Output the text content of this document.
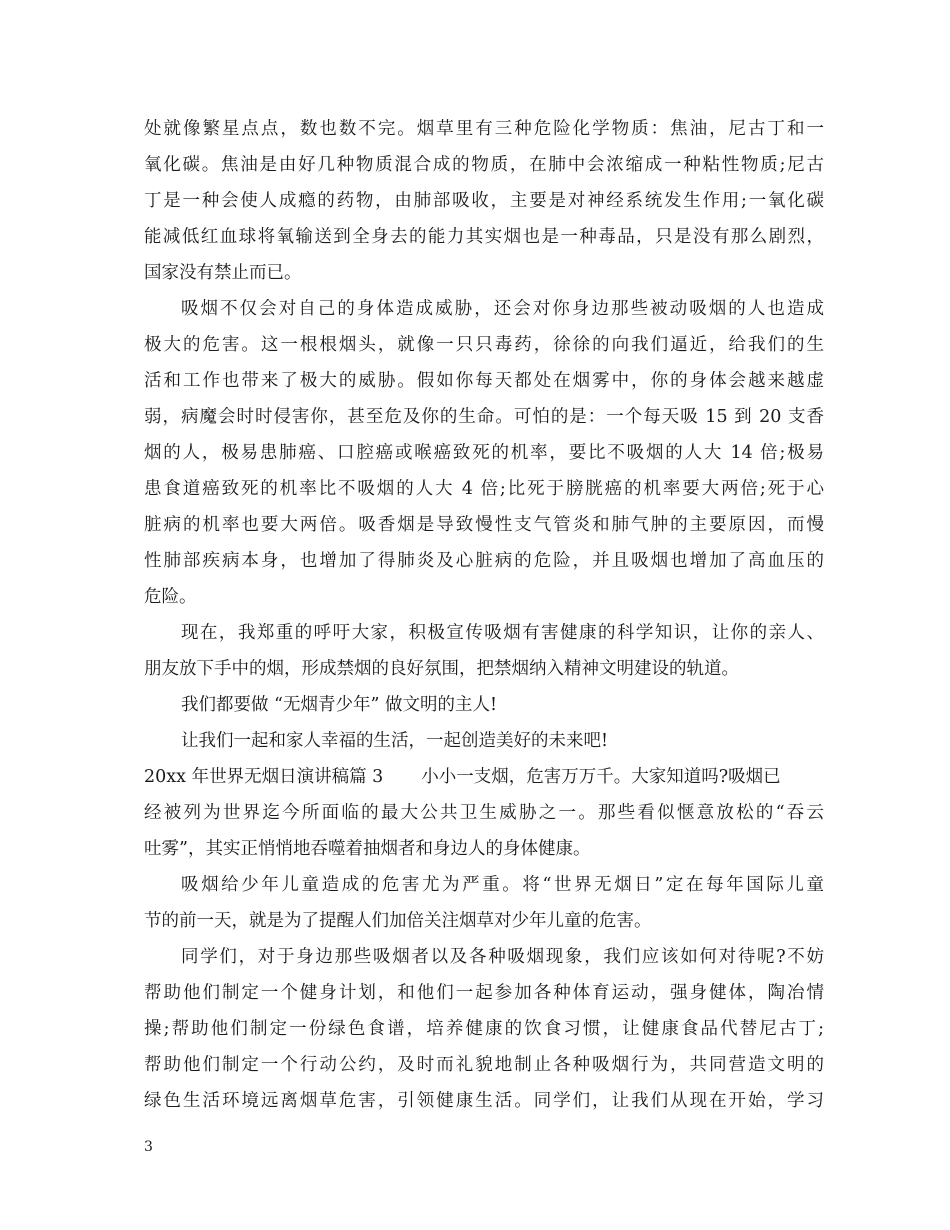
处就像繁星点点，数也数不完。烟草里有三种危险化学物质：焦油，尼古丁和一
氧化碳。焦油是由好几种物质混合成的物质，在肺中会浓缩成一种粘性物质;尼古
丁是一种会使人成瘾的药物，由肺部吸收，主要是对神经系统发生作用;一氧化碳
能减低红血球将氧输送到全身去的能力其实烟也是一种毒品，只是没有那么剧烈，
国家没有禁止而已。
吸烟不仅会对自己的身体造成威胁，还会对你身边那些被动吸烟的人也造成
极大的危害。这一根根烟头，就像一只只毒药，徐徐的向我们逼近，给我们的生
活和工作也带来了极大的威胁。假如你每天都处在烟雾中，你的身体会越来越虚
弱，病魔会时时侵害你，甚至危及你的生命。可怕的是：一个每天吸 15 到 20 支香
烟的人，极易患肺癌、口腔癌或喉癌致死的机率，要比不吸烟的人大 14 倍;极易
患食道癌致死的机率比不吸烟的人大 4 倍;比死于膀胱癌的机率要大两倍;死于心
脏病的机率也要大两倍。吸香烟是导致慢性支气管炎和肺气肿的主要原因，而慢
性肺部疾病本身，也增加了得肺炎及心脏病的危险，并且吸烟也增加了高血压的
危险。
现在，我郑重的呼吁大家，积极宣传吸烟有害健康的科学知识，让你的亲人、
朋友放下手中的烟，形成禁烟的良好氛围，把禁烟纳入精神文明建设的轨道。
我们都要做 “无烟青少年” 做文明的主人!
让我们一起和家人幸福的生活，一起创造美好的未来吧!
20xx 年世界无烟日演讲稿篇 3 小小一支烟，危害万万千。大家知道吗?吸烟已
经被列为世界迄今所面临的最大公共卫生威胁之一。那些看似惬意放松的“吞云
吐雾”，其实正悄悄地吞噬着抽烟者和身边人的身体健康。
吸烟给少年儿童造成的危害尤为严重。将“世界无烟日”定在每年国际儿童
节的前一天，就是为了提醒人们加倍关注烟草对少年儿童的危害。
同学们，对于身边那些吸烟者以及各种吸烟现象，我们应该如何对待呢?不妨
帮助他们制定一个健身计划，和他们一起参加各种体育运动，强身健体，陶冶情
操;帮助他们制定一份绿色食谱，培养健康的饮食习惯，让健康食品代替尼古丁;
帮助他们制定一个行动公约，及时而礼貌地制止各种吸烟行为，共同营造文明的
绿色生活环境远离烟草危害，引领健康生活。同学们，让我们从现在开始，学习
3
